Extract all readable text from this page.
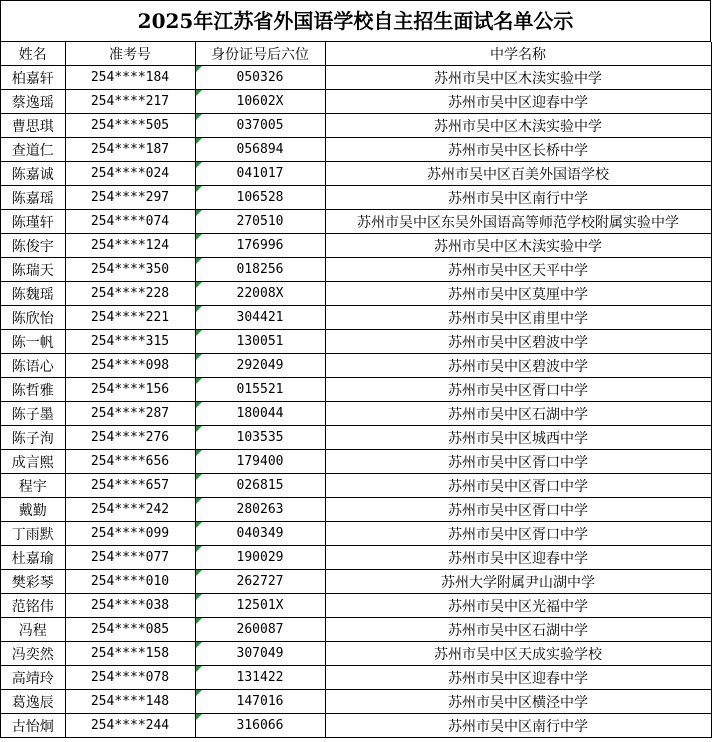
2025年江苏省外国语学校自主招生面试名单公示
姓名	准考号	身份证号后六位	中学名称
柏嘉轩	254****184	050326	苏州市吴中区木渎实验中学
蔡逸瑶	254****217	10602X	苏州市吴中区迎春中学
曹思琪	254****505	037005	苏州市吴中区木渎实验中学
查道仁	254****187	056894	苏州市吴中区长桥中学
陈嘉诚	254****024	041017	苏州市吴中区百美外国语学校
陈嘉瑶	254****297	106528	苏州市吴中区南行中学
陈瑾轩	254****074	270510	苏州市吴中区东吴外国语高等师范学校附属实验中学
陈俊宇	254****124	176996	苏州市吴中区木渎实验中学
陈瑞天	254****350	018256	苏州市吴中区天平中学
陈魏瑶	254****228	22008X	苏州市吴中区莫厘中学
陈欣怡	254****221	304421	苏州市吴中区甫里中学
陈一帆	254****315	130051	苏州市吴中区碧波中学
陈语心	254****098	292049	苏州市吴中区碧波中学
陈哲雅	254****156	015521	苏州市吴中区胥口中学
陈子墨	254****287	180044	苏州市吴中区石湖中学
陈子洵	254****276	103535	苏州市吴中区城西中学
成言熙	254****656	179400	苏州市吴中区胥口中学
程宇	254****657	026815	苏州市吴中区胥口中学
戴勤	254****242	280263	苏州市吴中区胥口中学
丁雨默	254****099	040349	苏州市吴中区胥口中学
杜嘉瑜	254****077	190029	苏州市吴中区迎春中学
樊彩琴	254****010	262727	苏州大学附属尹山湖中学
范铭伟	254****038	12501X	苏州市吴中区光福中学
冯程	254****085	260087	苏州市吴中区石湖中学
冯奕然	254****158	307049	苏州市吴中区天成实验学校
高靖玲	254****078	131422	苏州市吴中区迎春中学
葛逸辰	254****148	147016	苏州市吴中区横泾中学
古怡炯	254****244	316066	苏州市吴中区南行中学
